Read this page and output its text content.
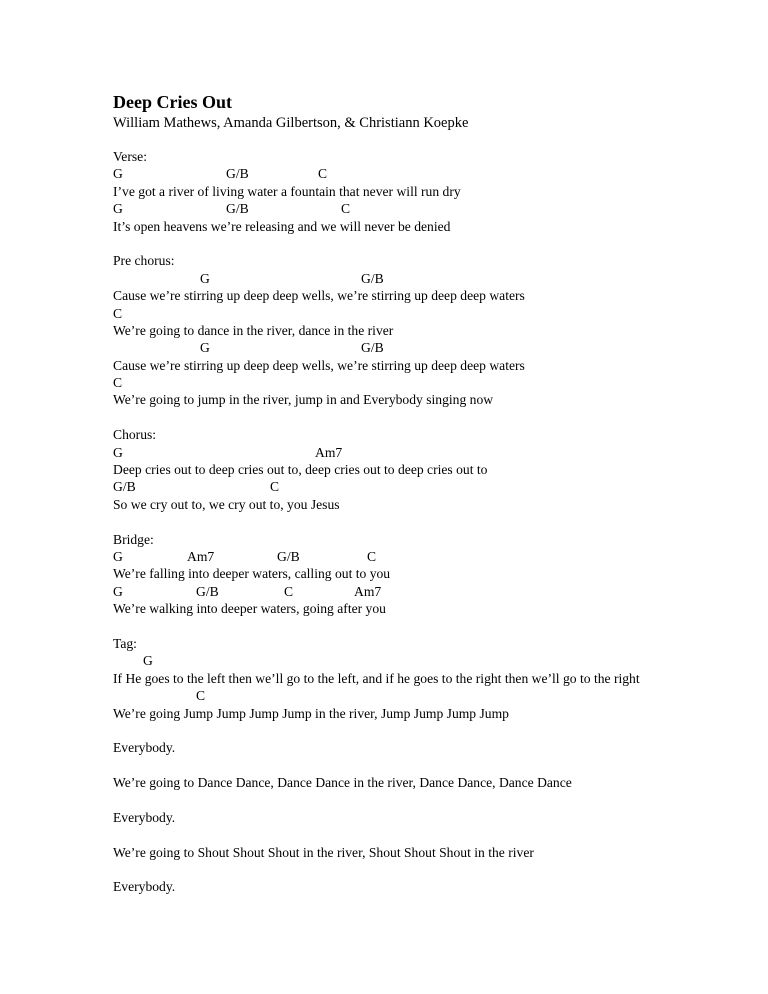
Deep Cries Out
William Mathews, Amanda Gilbertson, & Christiann Koepke
Verse:
G	G/B	C
I’ve got a river of living water a fountain that never will run dry
G	G/B	C
It’s open heavens we’re releasing and we will never be denied
Pre chorus:
G	G/B
Cause we’re stirring up deep deep wells, we’re stirring up deep deep waters
C
We’re going to dance in the river, dance in the river
G	G/B
Cause we’re stirring up deep deep wells, we’re stirring up deep deep waters
C
We’re going to jump in the river, jump in and Everybody singing now
Chorus:
G	Am7
Deep cries out to deep cries out to, deep cries out to deep cries out to
G/B	C
So we cry out to, we cry out to, you Jesus
Bridge:
G	Am7	G/B	C
We’re falling into deeper waters, calling out to you
G	G/B	C	Am7
We’re walking into deeper waters, going after you
Tag:
G
If He goes to the left then we’ll go to the left, and if he goes to the right then we’ll go to the right
C
We’re going Jump Jump Jump Jump in the river, Jump Jump Jump Jump
Everybody.
We’re going to Dance Dance, Dance Dance in the river, Dance Dance, Dance Dance
Everybody.
We’re going to Shout Shout Shout in the river, Shout Shout Shout in the river
Everybody.
